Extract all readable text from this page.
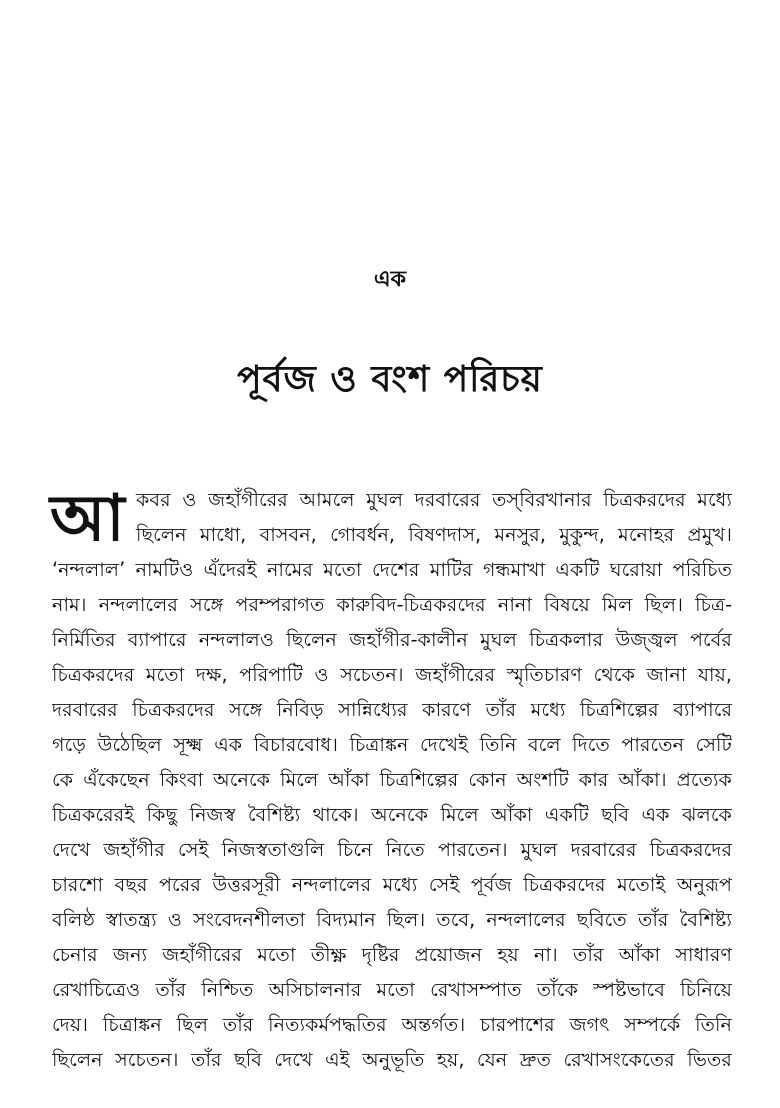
এক
পূর্বজ ও বংশ পরিচয়
আ কবর ও জহাঁগীরের আমলে মুঘল দরবারের তস্‌বিরখানার চিত্রকরদের মধ্যে
ছিলেন মাধো, বাসবন, গোবর্ধন, বিষণদাস, মনসুর, মুকুন্দ, মনোহর প্রমুখ।
‘নন্দলাল’ নামটিও এঁদেরই নামের মতো দেশের মাটির গন্ধমাখা একটি ঘরোয়া পরিচিত
নাম। নন্দলালের সঙ্গে পরম্পরাগত কারুবিদ-চিত্রকরদের নানা বিষয়ে মিল ছিল। চিত্র-
নির্মিতির ব্যাপারে নন্দলালও ছিলেন জহাঁগীর-কালীন মুঘল চিত্রকলার উজ্জ্বল পর্বের
চিত্রকরদের মতো দক্ষ, পরিপাটি ও সচেতন। জহাঁগীরের স্মৃতিচারণ থেকে জানা যায়,
দরবারের চিত্রকরদের সঙ্গে নিবিড় সান্নিধ্যের কারণে তাঁর মধ্যে চিত্রশিল্পের ব্যাপারে
গড়ে উঠেছিল সূক্ষ্ম এক বিচারবোধ। চিত্রাঙ্কন দেখেই তিনি বলে দিতে পারতেন সেটি
কে এঁকেছেন কিংবা অনেকে মিলে আঁকা চিত্রশিল্পের কোন অংশটি কার আঁকা। প্রত্যেক
চিত্রকরেরই কিছু নিজস্ব বৈশিষ্ট্য থাকে। অনেকে মিলে আঁকা একটি ছবি এক ঝলকে
দেখে জহাঁগীর সেই নিজস্বতাগুলি চিনে নিতে পারতেন। মুঘল দরবারের চিত্রকরদের
চারশো বছর পরের উত্তরসূরী নন্দলালের মধ্যে সেই পূর্বজ চিত্রকরদের মতোই অনুরূপ
বলিষ্ঠ স্বাতন্ত্র্য ও সংবেদনশীলতা বিদ্যমান ছিল। তবে, নন্দলালের ছবিতে তাঁর বৈশিষ্ট্য
চেনার জন্য জহাঁগীরের মতো তীক্ষ্ণ দৃষ্টির প্রয়োজন হয় না। তাঁর আঁকা সাধারণ
রেখাচিত্রেও তাঁর নিশ্চিত অসিচালনার মতো রেখাসম্পাত তাঁকে স্পষ্টভাবে চিনিয়ে
দেয়। চিত্রাঙ্কন ছিল তাঁর নিত্যকর্মপদ্ধতির অন্তর্গত। চারপাশের জগৎ সম্পর্কে তিনি
ছিলেন সচেতন। তাঁর ছবি দেখে এই অনুভূতি হয়, যেন দ্রুত রেখাসংকেতের ভিতর
